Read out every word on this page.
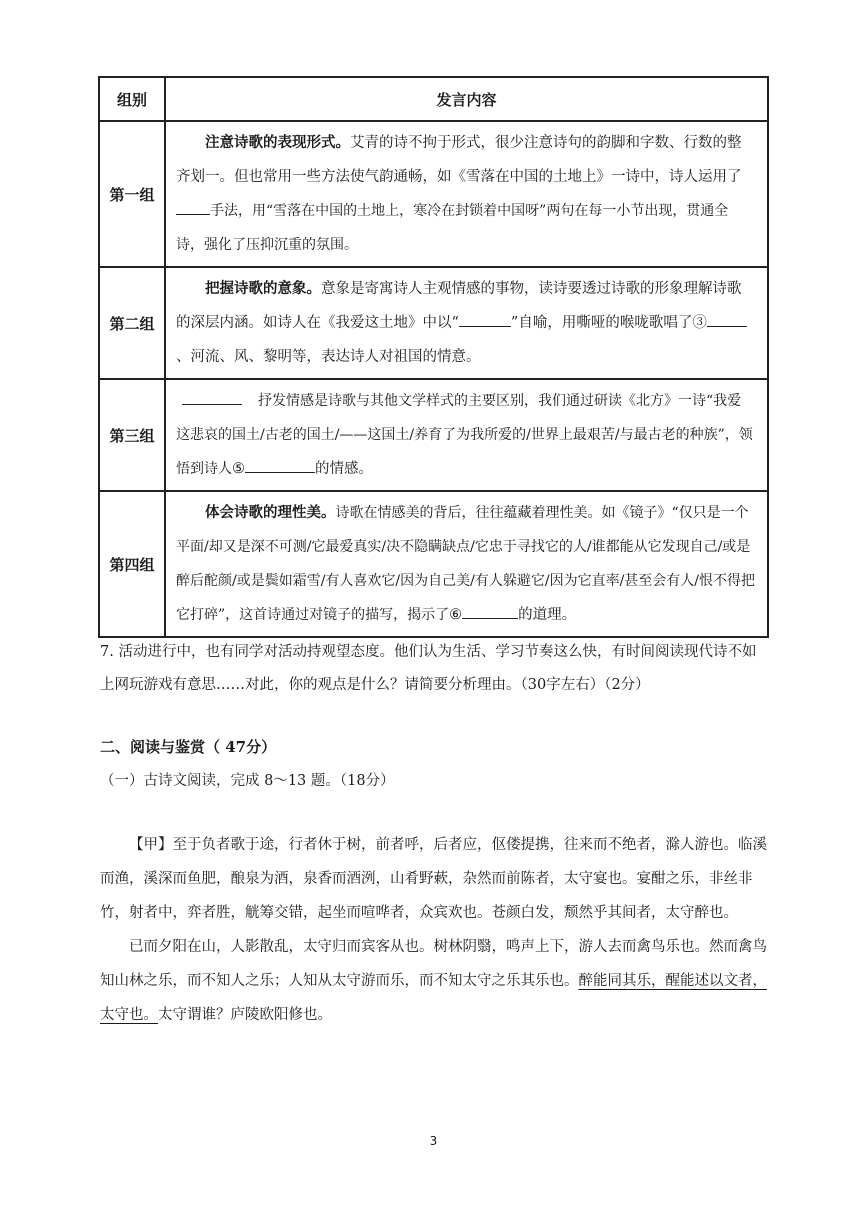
组别	发言内容
第一组	注意诗歌的表现形式。艾青的诗不拘于形式，很少注意诗句的韵脚和字数、行数的整齐划一。但也常用一些方法使气韵通畅，如《雪落在中国的土地上》一诗中，诗人运用了手法，用“雪落在中国的土地上，寒冷在封锁着中国呀”两句在每一小节出现，贯通全诗，强化了压抑沉重的氛围。

第二组	把握诗歌的意象。意象是寄寓诗人主观情感的事物，读诗要透过诗歌的形象理解诗歌的深层内涵。如诗人在《我爱这土地》中以“ ”自喻，用嘶哑的喉咙歌唱了③、河流、风、黎明等，表达诗人对祖国的情意。

第三组	抒发情感是诗歌与其他文学样式的主要区别，我们通过研读《北方》一诗“我爱这悲哀的国土/古老的国土/——这国土/养育了为我所爱的/世界上最艰苦/与最古老的种族”，领悟到诗人⑤ 的情感。

第四组	体会诗歌的理性美。诗歌在情感美的背后，往往蕴藏着理性美。如《镜子》“仅只是一个平面/却又是深不可测/它最爱真实/决不隐瞒缺点/它忠于寻找它的人/谁都能从它发现自己/或是醉后酡颜/或是鬓如霜雪/有人喜欢它/因为自己美/有人躲避它/因为它直率/甚至会有人/恨不得把它打碎”，这首诗通过对镜子的描写，揭示了⑥ 的道理。
7. 活动进行中，也有同学对活动持观望态度。他们认为生活、学习节奏这么快，有时间阅读现代诗不如上网玩游戏有意思……对此，你的观点是什么？请简要分析理由。（30字左右）（2分）
二、阅读与鉴赏（ 47分）
（一）古诗文阅读，完成 8～13 题。（18分）

【甲】至于负者歌于途，行者休于树，前者呼，后者应，伛偻提携，往来而不绝者，滁人游也。临溪而渔，溪深而鱼肥，酿泉为酒，泉香而酒洌，山肴野蔌，杂然而前陈者，太守宴也。宴酣之乐，非丝非竹，射者中，弈者胜，觥筹交错，起坐而喧哗者，众宾欢也。苍颜白发，颓然乎其间者，太守醉也。

已而夕阳在山，人影散乱，太守归而宾客从也。树林阴翳，鸣声上下，游人去而禽鸟乐也。然而禽鸟知山林之乐，而不知人之乐；人知从太守游而乐，而不知太守之乐其乐也。醉能同其乐，醒能述以文者，太守也。太守谓谁？庐陵欧阳修也。

3
